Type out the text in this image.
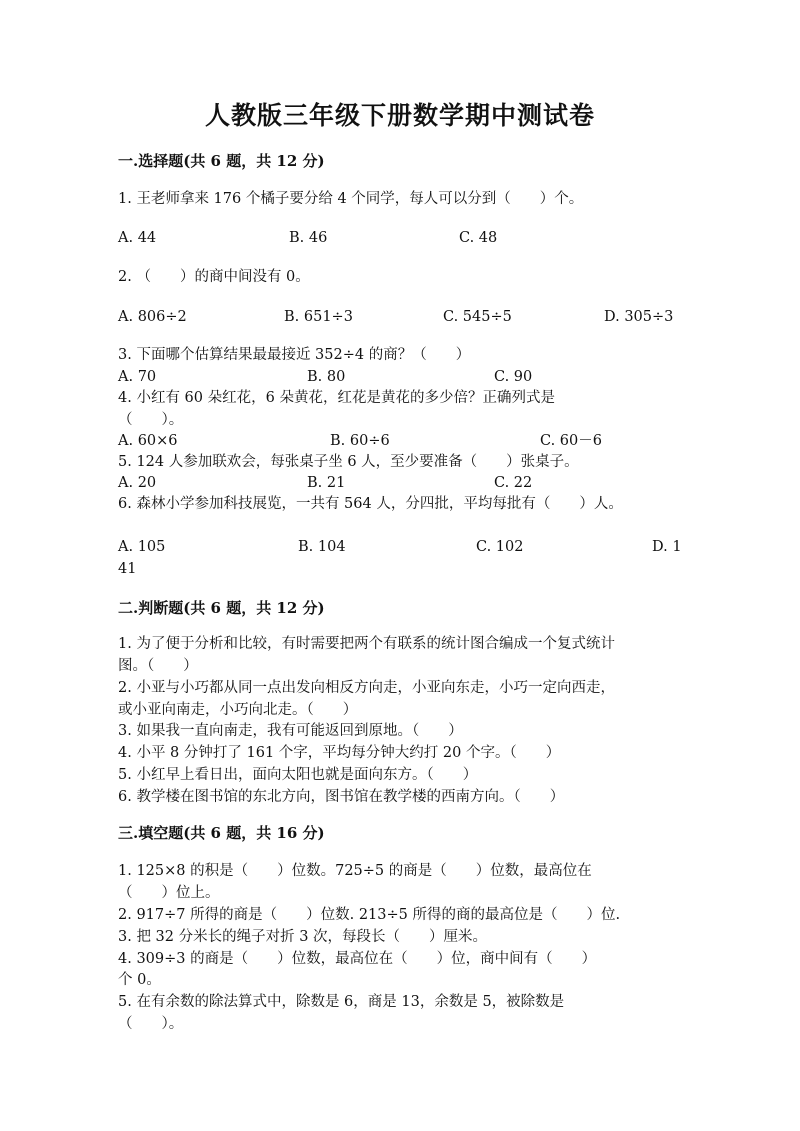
人教版三年级下册数学期中测试卷
一.选择题(共 6 题，共 12 分)
1. 王老师拿来 176 个橘子要分给 4 个同学，每人可以分到（　　）个。
A. 44	B. 46	C. 48
2. （　　）的商中间没有 0。
A. 806÷2	B. 651÷3	C. 545÷5	D. 305÷3
3. 下面哪个估算结果最最接近 352÷4 的商？（　　）
A. 70	B. 80	C. 90
4. 小红有 60 朵红花，6 朵黄花，红花是黄花的多少倍？正确列式是
（　　）。
A. 60×6	B. 60÷6	C. 60－6
5. 124 人参加联欢会，每张桌子坐 6 人，至少要准备（　　）张桌子。
A. 20	B. 21	C. 22
6. 森林小学参加科技展览，一共有 564 人，分四批，平均每批有（　　）人。
A. 105	B. 104	C. 102	D. 1
41
二.判断题(共 6 题，共 12 分)
1. 为了便于分析和比较，有时需要把两个有联系的统计图合编成一个复式统计
图。（　　）
2. 小亚与小巧都从同一点出发向相反方向走，小亚向东走，小巧一定向西走，
或小亚向南走，小巧向北走。（　　）
3. 如果我一直向南走，我有可能返回到原地。（　　）
4. 小平 8 分钟打了 161 个字，平均每分钟大约打 20 个字。（　　）
5. 小红早上看日出，面向太阳也就是面向东方。（　　）
6. 教学楼在图书馆的东北方向，图书馆在教学楼的西南方向。（　　）
三.填空题(共 6 题，共 16 分)
1. 125×8 的积是（　　）位数。725÷5 的商是（　　）位数，最高位在
（　　）位上。
2. 917÷7 所得的商是（　　）位数. 213÷5 所得的商的最高位是（　　）位.
3. 把 32 分米长的绳子对折 3 次，每段长（　　）厘米。
4. 309÷3 的商是（　　）位数，最高位在（　　）位，商中间有（　　）
个 0。
5. 在有余数的除法算式中，除数是 6，商是 13，余数是 5，被除数是
（　　）。
